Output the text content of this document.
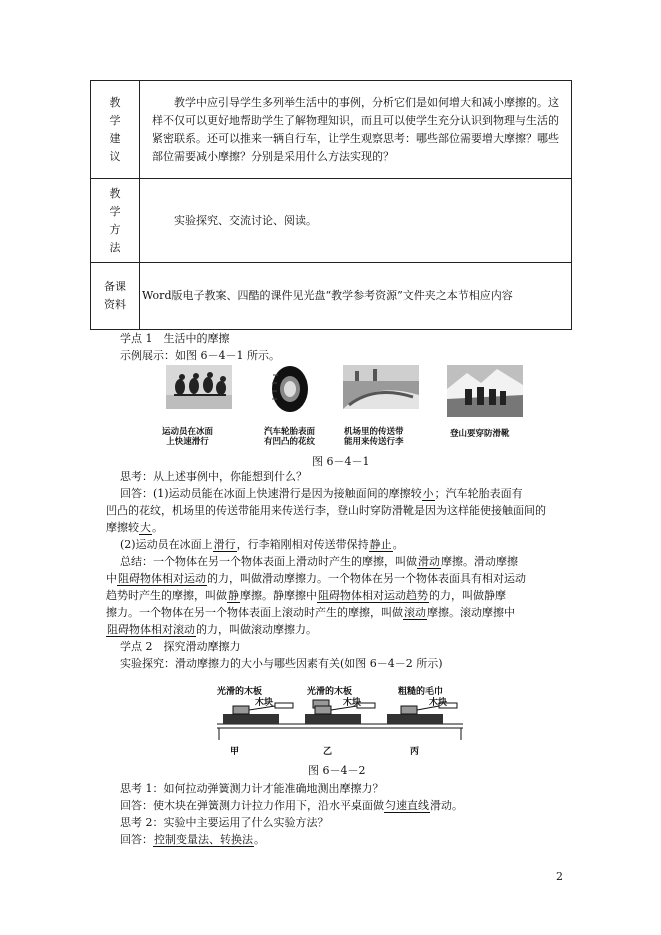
教
学
建
议	教学中应引导学生多列举生活中的事例，分析它们是如何增大和减小摩擦的。这样不仅可以更好地帮助学生了解物理知识，而且可以使学生充分认识到物理与生活的紧密联系。还可以推来一辆自行车，让学生观察思考：哪些部位需要增大摩擦？哪些部位需要减小摩擦？分别是采用什么方法实现的？

教
学
方
法	实验探究、交流讨论、阅读。

备课
资料	Word版电子教案、四酷的课件见光盘“教学参考资源”文件夹之本节相应内容

学点 1　生活中的摩擦

示例展示：如图 6－4－1 所示。

运动员在冰面
上快速滑行
汽车轮胎表面
有凹凸的花纹
机场里的传送带
能用来传送行李
登山要穿防滑靴
图 6－4－1

思考：从上述事例中，你能想到什么？

回答：(1)运动员能在冰面上快速滑行是因为接触面间的摩擦较小；汽车轮胎表面有

凹凸的花纹，机场里的传送带能用来传送行李，登山时穿防滑靴是因为这样能使接触面间的

摩擦较大。

(2)运动员在冰面上滑行，行李箱刚相对传送带保持静止。

总结：一个物体在另一个物体表面上滑动时产生的摩擦，叫做滑动摩擦。滑动摩擦

中阻碍物体相对运动的力，叫做滑动摩擦力。一个物体在另一个物体表面具有相对运动

趋势时产生的摩擦，叫做静摩擦。静摩擦中阻碍物体相对运动趋势的力，叫做静摩

擦力。一个物体在另一个物体表面上滚动时产生的摩擦，叫做滚动摩擦。滚动摩擦中

阻碍物体相对滚动的力，叫做滚动摩擦力。

学点 2　探究滑动摩擦力

实验探究：滑动摩擦力的大小与哪些因素有关(如图 6－4－2 所示)

光滑的木板
木块
光滑的木板
木块
粗糙的毛巾
木块
甲	乙	丙
图 6－4－2

思考 1：如何拉动弹簧测力计才能准确地测出摩擦力？

回答：使木块在弹簧测力计拉力作用下，沿水平桌面做匀速直线滑动。

思考 2：实验中主要运用了什么实验方法？

回答：控制变量法、转换法。

2
